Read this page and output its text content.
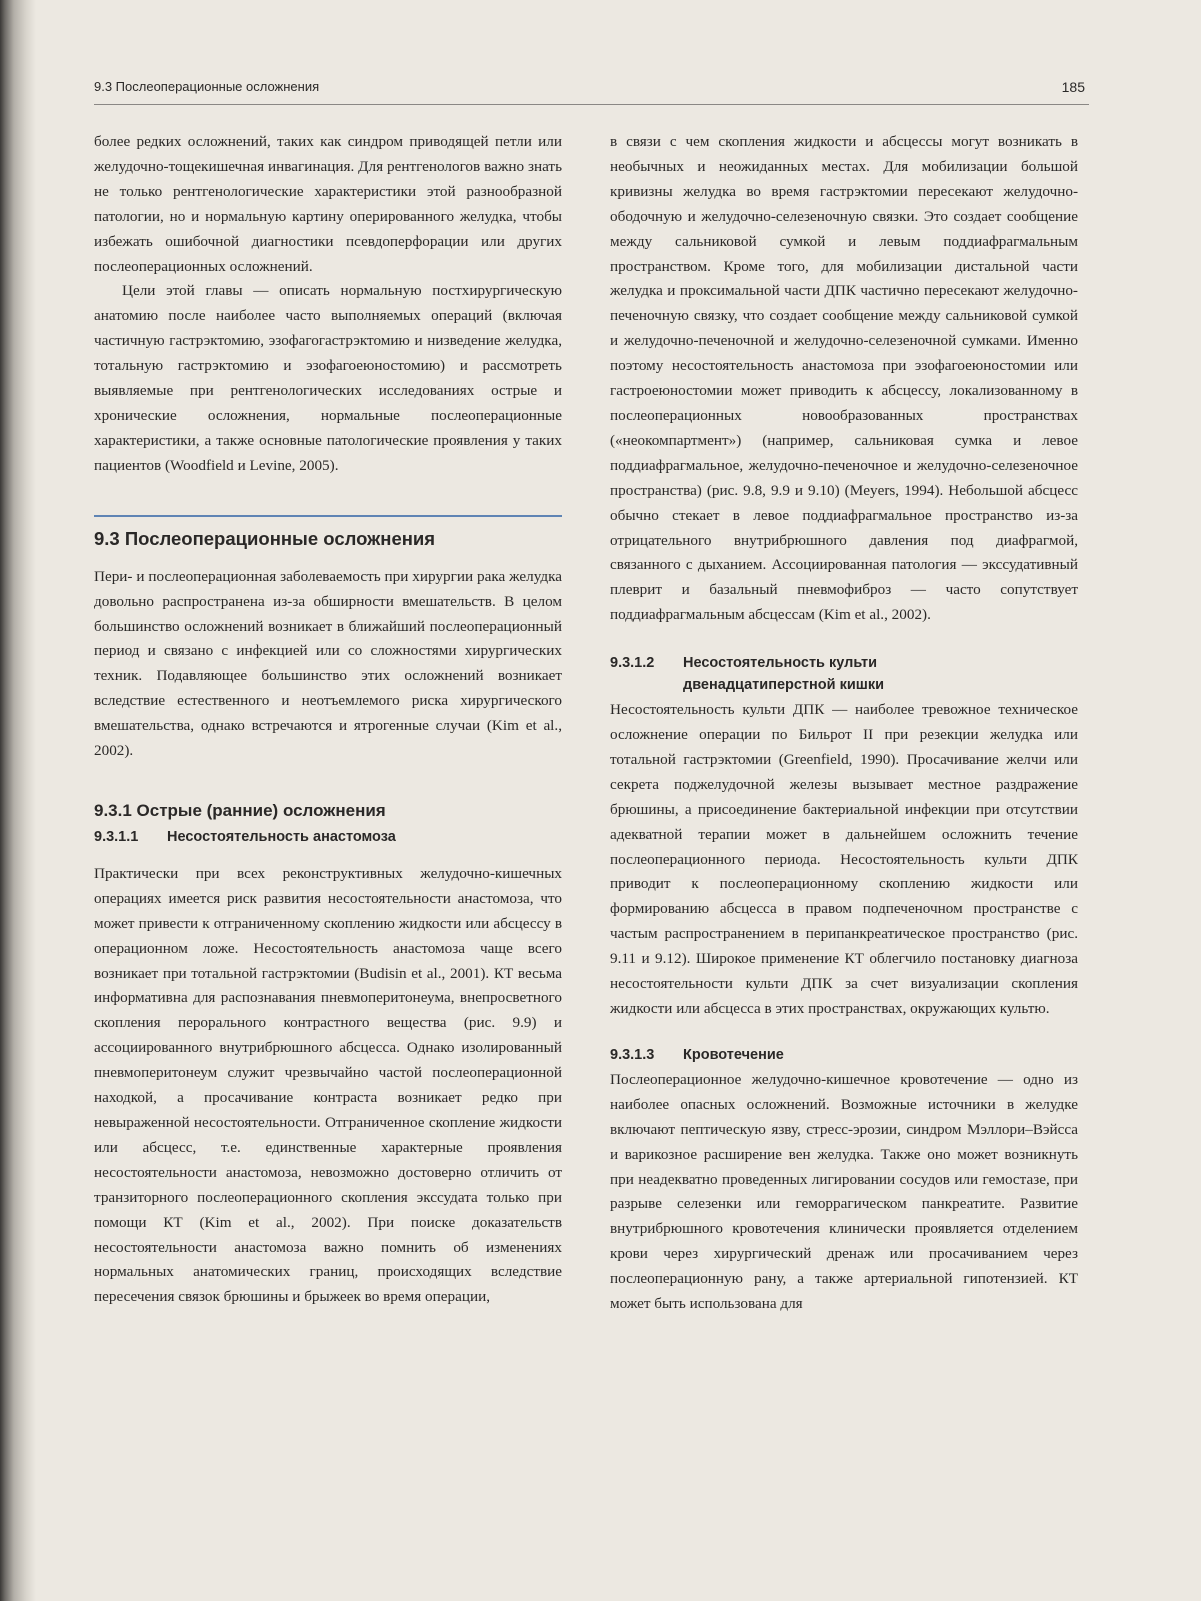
9.3 Послеоперационные осложнения	185

более редких осложнений, таких как синдром приводящей петли или желудочно-тощекишечная инвагинация. Для рентгенологов важно знать не только рентгенологические характеристики этой разнообразной патологии, но и нормальную картину оперированного желудка, чтобы избежать ошибочной диагностики псевдоперфорации или других послеоперационных осложнений.

Цели этой главы — описать нормальную постхирургическую анатомию после наиболее часто выполняемых операций (включая частичную гастрэктомию, эзофагогастрэктомию и низведение желудка, тотальную гастрэктомию и эзофагоеюностомию) и рассмотреть выявляемые при рентгенологических исследованиях острые и хронические осложнения, нормальные послеоперационные характеристики, а также основные патологические проявления у таких пациентов (Woodfield и Levine, 2005).

9.3 Послеоперационные осложнения

Пери- и послеоперационная заболеваемость при хирургии рака желудка довольно распространена из-за обширности вмешательств. В целом большинство осложнений возникает в ближайший послеоперационный период и связано с инфекцией или со сложностями хирургических техник. Подавляющее большинство этих осложнений возникает вследствие естественного и неотъемлемого риска хирургического вмешательства, однако встречаются и ятрогенные случаи (Kim et al., 2002).

9.3.1 Острые (ранние) осложнения
9.3.1.1 Несостоятельность анастомоза

Практически при всех реконструктивных желудочно-кишечных операциях имеется риск развития несостоятельности анастомоза, что может привести к отграниченному скоплению жидкости или абсцессу в операционном ложе. Несостоятельность анастомоза чаще всего возникает при тотальной гастрэктомии (Budisin et al., 2001). КТ весьма информативна для распознавания пневмоперитонеума, внепросветного скопления перорального контрастного вещества (рис. 9.9) и ассоциированного внутрибрюшного абсцесса. Однако изолированный пневмоперитонеум служит чрезвычайно частой послеоперационной находкой, а просачивание контраста возникает редко при невыраженной несостоятельности. Отграниченное скопление жидкости или абсцесс, т.е. единственные характерные проявления несостоятельности анастомоза, невозможно достоверно отличить от транзиторного послеоперационного скопления экссудата только при помощи КТ (Kim et al., 2002). При поиске доказательств несостоятельности анастомоза важно помнить об изменениях нормальных анатомических границ, происходящих вследствие пересечения связок брюшины и брыжеек во время операции,

в связи с чем скопления жидкости и абсцессы могут возникать в необычных и неожиданных местах. Для мобилизации большой кривизны желудка во время гастрэктомии пересекают желудочно-ободочную и желудочно-селезеночную связки. Это создает сообщение между сальниковой сумкой и левым поддиафрагмальным пространством. Кроме того, для мобилизации дистальной части желудка и проксимальной части ДПК частично пересекают желудочно-печеночную связку, что создает сообщение между сальниковой сумкой и желудочно-печеночной и желудочно-селезеночной сумками. Именно поэтому несостоятельность анастомоза при эзофагоеюностомии или гастроеюностомии может приводить к абсцессу, локализованному в послеоперационных новообразованных пространствах («неокомпартмент») (например, сальниковая сумка и левое поддиафрагмальное, желудочно-печеночное и желудочно-селезеночное пространства) (рис. 9.8, 9.9 и 9.10) (Meyers, 1994). Небольшой абсцесс обычно стекает в левое поддиафрагмальное пространство из-за отрицательного внутрибрюшного давления под диафрагмой, связанного с дыханием. Ассоциированная патология — экссудативный плеврит и базальный пневмофиброз — часто сопутствует поддиафрагмальным абсцессам (Kim et al., 2002).

9.3.1.2 Несостоятельность культи
двенадцатиперстной кишки

Несостоятельность культи ДПК — наиболее тревожное техническое осложнение операции по Бильрот II при резекции желудка или тотальной гастрэктомии (Greenfield, 1990). Просачивание желчи или секрета поджелудочной железы вызывает местное раздражение брюшины, а присоединение бактериальной инфекции при отсутствии адекватной терапии может в дальнейшем осложнить течение послеоперационного периода. Несостоятельность культи ДПК приводит к послеоперационному скоплению жидкости или формированию абсцесса в правом подпеченочном пространстве с частым распространением в перипанкреатическое пространство (рис. 9.11 и 9.12). Широкое применение КТ облегчило постановку диагноза несостоятельности культи ДПК за счет визуализации скопления жидкости или абсцесса в этих пространствах, окружающих культю.

9.3.1.3 Кровотечение

Послеоперационное желудочно-кишечное кровотечение — одно из наиболее опасных осложнений. Возможные источники в желудке включают пептическую язву, стресс-эрозии, синдром Мэллори–Вэйсса и варикозное расширение вен желудка. Также оно может возникнуть при неадекватно проведенных лигировании сосудов или гемостазе, при разрыве селезенки или геморрагическом панкреатите. Развитие внутрибрюшного кровотечения клинически проявляется отделением крови через хирургический дренаж или просачиванием через послеоперационную рану, а также артериальной гипотензией. КТ может быть использована для
